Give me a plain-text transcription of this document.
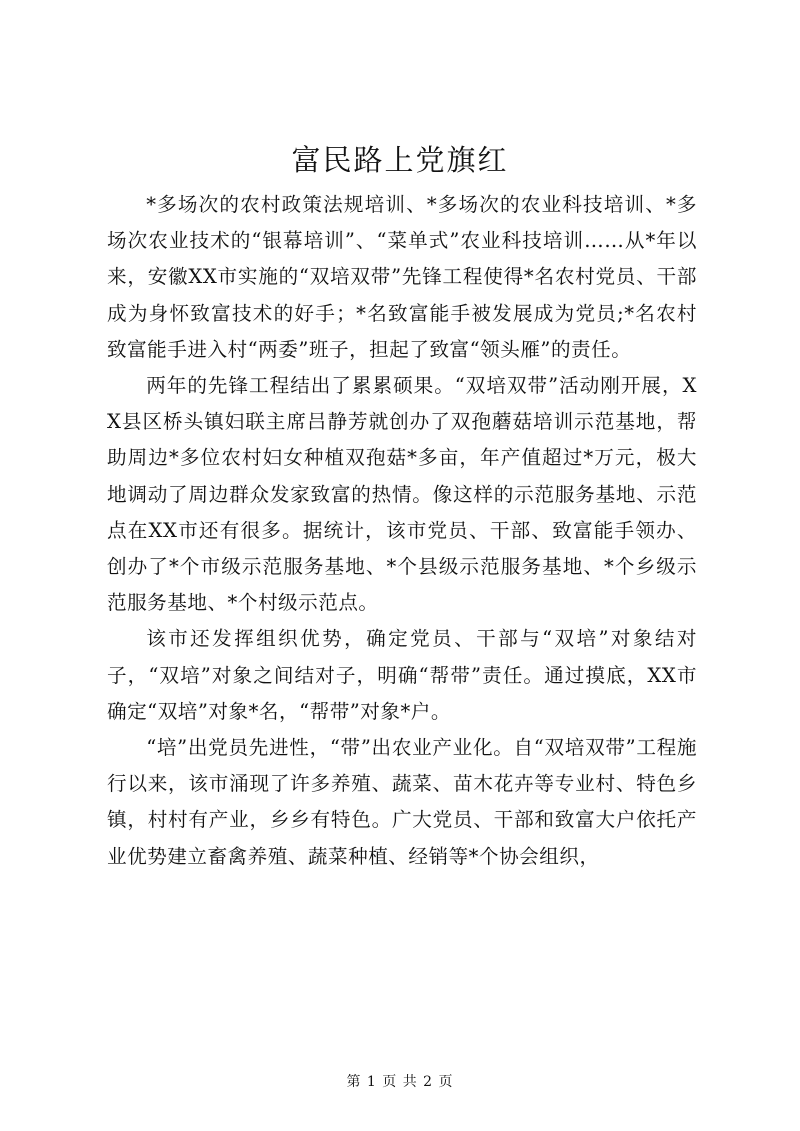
富民路上党旗红

*多场次的农村政策法规培训、*多场次的农业科技培训、*多场次农业技术的“银幕培训”、“菜单式”农业科技培训……从*年以来，安徽XX市实施的“双培双带”先锋工程使得*名农村党员、干部成为身怀致富技术的好手；*名致富能手被发展成为党员;*名农村致富能手进入村“两委”班子，担起了致富“领头雁”的责任。

两年的先锋工程结出了累累硕果。“双培双带”活动刚开展，XX县区桥头镇妇联主席吕静芳就创办了双孢蘑菇培训示范基地，帮助周边*多位农村妇女种植双孢菇*多亩，年产值超过*万元，极大地调动了周边群众发家致富的热情。像这样的示范服务基地、示范点在XX市还有很多。据统计，该市党员、干部、致富能手领办、创办了*个市级示范服务基地、*个县级示范服务基地、*个乡级示范服务基地、*个村级示范点。

该市还发挥组织优势，确定党员、干部与“双培”对象结对子，“双培”对象之间结对子，明确“帮带”责任。通过摸底，XX市确定“双培”对象*名，“帮带”对象*户。

“培”出党员先进性，“带”出农业产业化。自“双培双带”工程施行以来，该市涌现了许多养殖、蔬菜、苗木花卉等专业村、特色乡镇，村村有产业，乡乡有特色。广大党员、干部和致富大户依托产业优势建立畜禽养殖、蔬菜种植、经销等*个协会组织，

第 1 页 共 2 页
